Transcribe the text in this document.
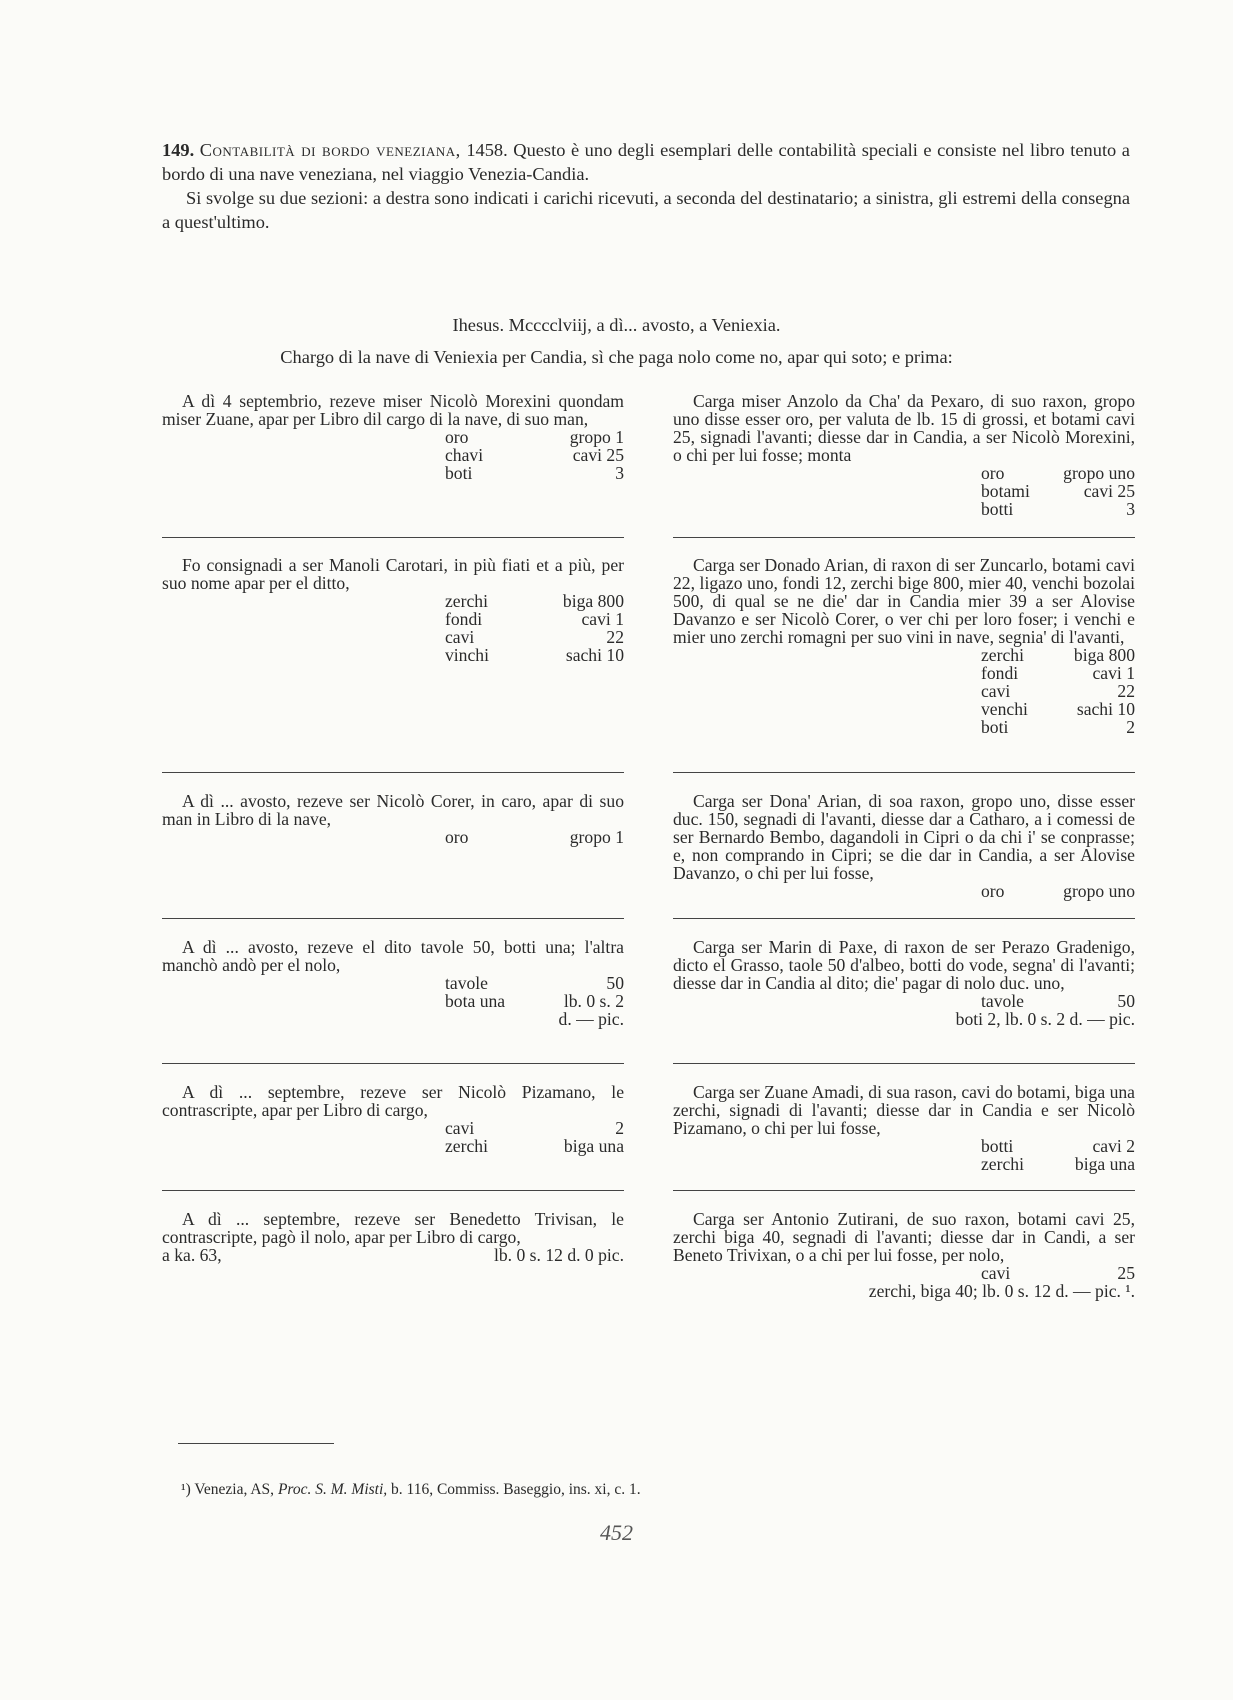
149. Contabilità di bordo veneziana, 1458. Questo è uno degli esemplari delle contabilità speciali e consiste nel libro tenuto a bordo di una nave veneziana, nel viaggio Venezia-Candia.

Si svolge su due sezioni: a destra sono indicati i carichi ricevuti, a seconda del destinatario; a sinistra, gli estremi della consegna a quest'ultimo.

Ihesus. Mcccclviij, a dì... avosto, a Veniexia.
Chargo di la nave di Veniexia per Candia, sì che paga nolo come no, apar qui soto; e prima:

A dì 4 septembrio, rezeve miser Nicolò Morexini quondam miser Zuane, apar per Libro dil cargo di la nave, di suo man,

oro	gropo 1
chavi	cavi 25
boti	3

Fo consignadi a ser Manoli Carotari, in più fiati et a più, per suo nome apar per el ditto,

zerchi	biga 800
fondi	cavi 1
cavi	22
vinchi	sachi 10

A dì ... avosto, rezeve ser Nicolò Corer, in caro, apar di suo man in Libro di la nave,

oro	gropo 1

A dì ... avosto, rezeve el dito tavole 50, botti una; l'altra manchò andò per el nolo,

tavole	50
bota una	lb. 0 s. 2
d. — pic.

A dì ... septembre, rezeve ser Nicolò Pizamano, le contrascripte, apar per Libro di cargo,

cavi	2
zerchi	biga una

A dì ... septembre, rezeve ser Benedetto Trivisan, le contrascripte, pagò il nolo, apar per Libro di cargo,

a ka. 63,	lb. 0 s. 12 d. 0 pic.

Carga miser Anzolo da Cha' da Pexaro, di suo raxon, gropo uno disse esser oro, per valuta de lb. 15 di grossi, et botami cavi 25, signadi l'avanti; diesse dar in Candia, a ser Nicolò Morexini, o chi per lui fosse; monta

oro	gropo uno
botami	cavi 25
botti	3

Carga ser Donado Arian, di raxon di ser Zuncarlo, botami cavi 22, ligazo uno, fondi 12, zerchi bige 800, mier 40, venchi bozolai 500, di qual se ne die' dar in Candia mier 39 a ser Alovise Davanzo e ser Nicolò Corer, o ver chi per loro foser; i venchi e mier uno zerchi romagni per suo vini in nave, segnia' di l'avanti,

zerchi	biga 800
fondi	cavi 1
cavi	22
venchi	sachi 10
boti	2

Carga ser Dona' Arian, di soa raxon, gropo uno, disse esser duc. 150, segnadi di l'avanti, diesse dar a Catharo, a i comessi de ser Bernardo Bembo, dagandoli in Cipri o da chi i' se conprasse; e, non comprando in Cipri; se die dar in Candia, a ser Alovise Davanzo, o chi per lui fosse,

oro	gropo uno

Carga ser Marin di Paxe, di raxon de ser Perazo Gradenigo, dicto el Grasso, taole 50 d'albeo, botti do vode, segna' di l'avanti; diesse dar in Candia al dito; die' pagar di nolo duc. uno,

tavole	50
boti 2, lb. 0 s. 2 d. — pic.

Carga ser Zuane Amadi, di sua rason, cavi do botami, biga una zerchi, signadi di l'avanti; diesse dar in Candia e ser Nicolò Pizamano, o chi per lui fosse,

botti	cavi 2
zerchi	biga una

Carga ser Antonio Zutirani, de suo raxon, botami cavi 25, zerchi biga 40, segnadi di l'avanti; diesse dar in Candi, a ser Beneto Trivixan, o a chi per lui fosse, per nolo,

cavi	25
zerchi, biga 40; lb. 0 s. 12 d. — pic. ¹.
¹) Venezia, AS, Proc. S. M. Misti, b. 116, Commiss. Baseggio, ins. xi, c. 1.
452
